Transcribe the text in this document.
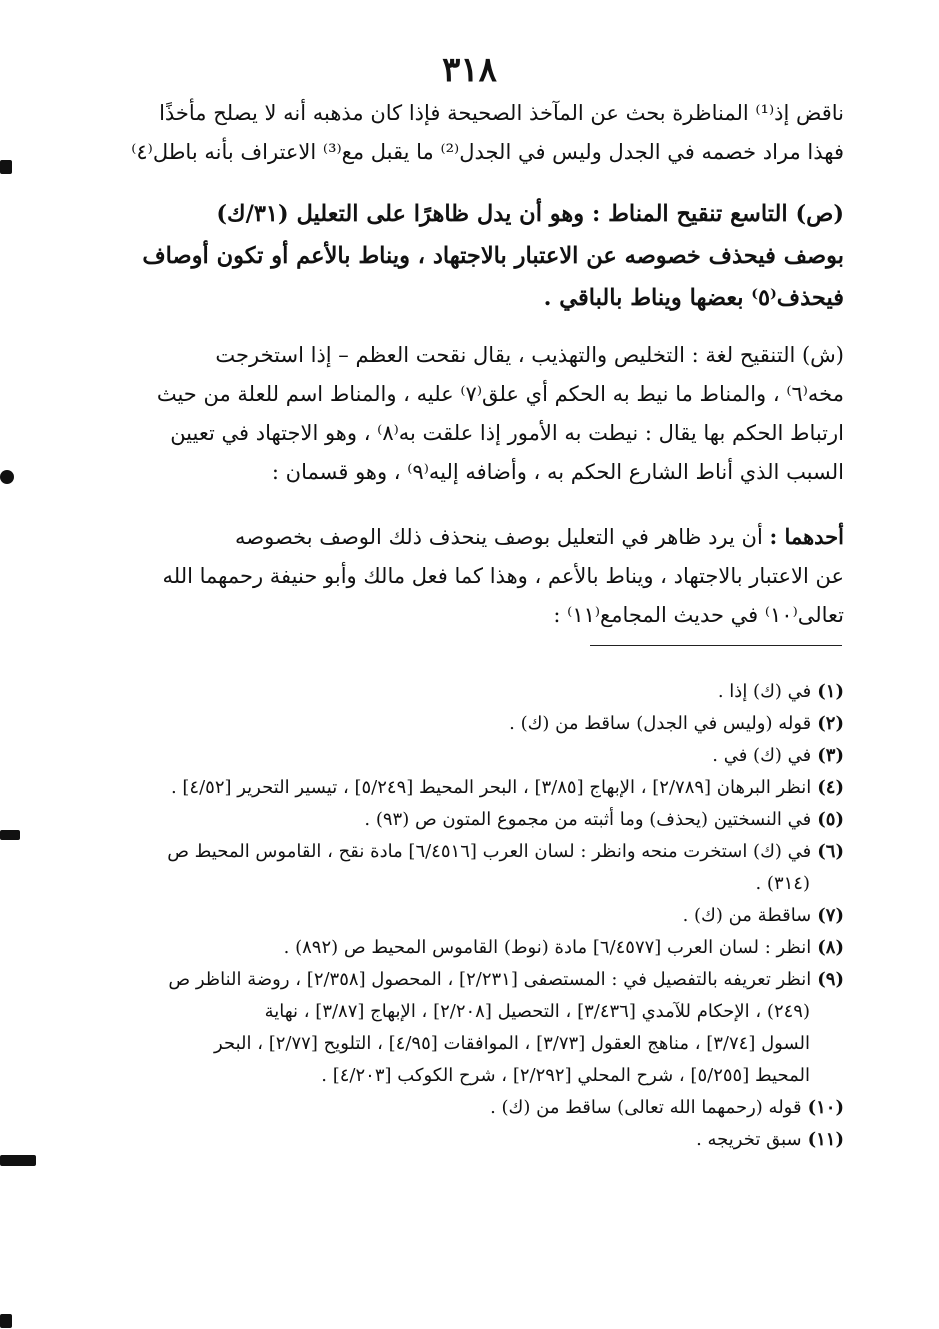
٣١٨
ناقض إذ⁽¹⁾ المناظرة بحث عن المآخذ الصحيحة فإذا كان مذهبه أنه لا يصلح مأخذًا
فهذا مراد خصمه في الجدل وليس في الجدل⁽²⁾ ما يقبل مع⁽³⁾ الاعتراف بأنه باطل⁽٤⁾
(ص) التاسع تنقيح المناط : وهو أن يدل ظاهرًا على التعليل (٣١/ك)
بوصف فيحذف خصوصه عن الاعتبار بالاجتهاد ، ويناط بالأعم أو تكون أوصاف
فيحذف⁽٥⁾ بعضها ويناط بالباقي .
(ش) التنقيح لغة : التخليص والتهذيب ، يقال نقحت العظم – إذا استخرجت
مخه⁽٦⁾ ، والمناط ما نيط به الحكم أي علق⁽٧⁾ عليه ، والمناط اسم للعلة من حيث
ارتباط الحكم بها يقال : نيطت به الأمور إذا علقت به⁽٨⁾ ، وهو الاجتهاد في تعيين
السبب الذي أناط الشارع الحكم به ، وأضافه إليه⁽٩⁾ ، وهو قسمان :
أحدهما : أن يرد ظاهر في التعليل بوصف ينحذف ذلك الوصف بخصوصه
عن الاعتبار بالاجتهاد ، ويناط بالأعم ، وهذا كما فعل مالك وأبو حنيفة رحمهما الله
تعالى⁽١٠⁾ في حديث المجامع⁽١١⁾ :
(١)في (ك) إذا .
(٢)قوله (وليس في الجدل) ساقط من (ك) .
(٣)في (ك) في .
(٤)انظر البرهان [٢/٧٨٩] ، الإبهاج [٣/٨٥] ، البحر المحيط [٥/٢٤٩] ، تيسير التحرير [٤/٥٢] .
(٥)في النسختين (يحذف) وما أثبته من مجموع المتون ص (٩٣) .
(٦)في (ك) استخرت منحه وانظر : لسان العرب [٦/٤٥١٦] مادة نقح ، القاموس المحيط ص
(٣١٤) .
(٧)ساقطة من (ك) .
(٨)انظر : لسان العرب [٦/٤٥٧٧] مادة (نوط) القاموس المحيط ص (٨٩٢) .
(٩)انظر تعريفه بالتفصيل في : المستصفى [٢/٢٣١] ، المحصول [٢/٣٥٨] ، روضة الناظر ص
(٢٤٩) ، الإحكام للآمدي [٣/٤٣٦] ، التحصيل [٢/٢٠٨] ، الإبهاج [٣/٨٧] ، نهاية
السول [٣/٧٤] ، مناهج العقول [٣/٧٣] ، الموافقات [٤/٩٥] ، التلويح [٢/٧٧] ، البحر
المحيط [٥/٢٥٥] ، شرح المحلي [٢/٢٩٢] ، شرح الكوكب [٤/٢٠٣] .
(١٠)قوله (رحمهما الله تعالى) ساقط من (ك) .
(١١)سبق تخريجه .
